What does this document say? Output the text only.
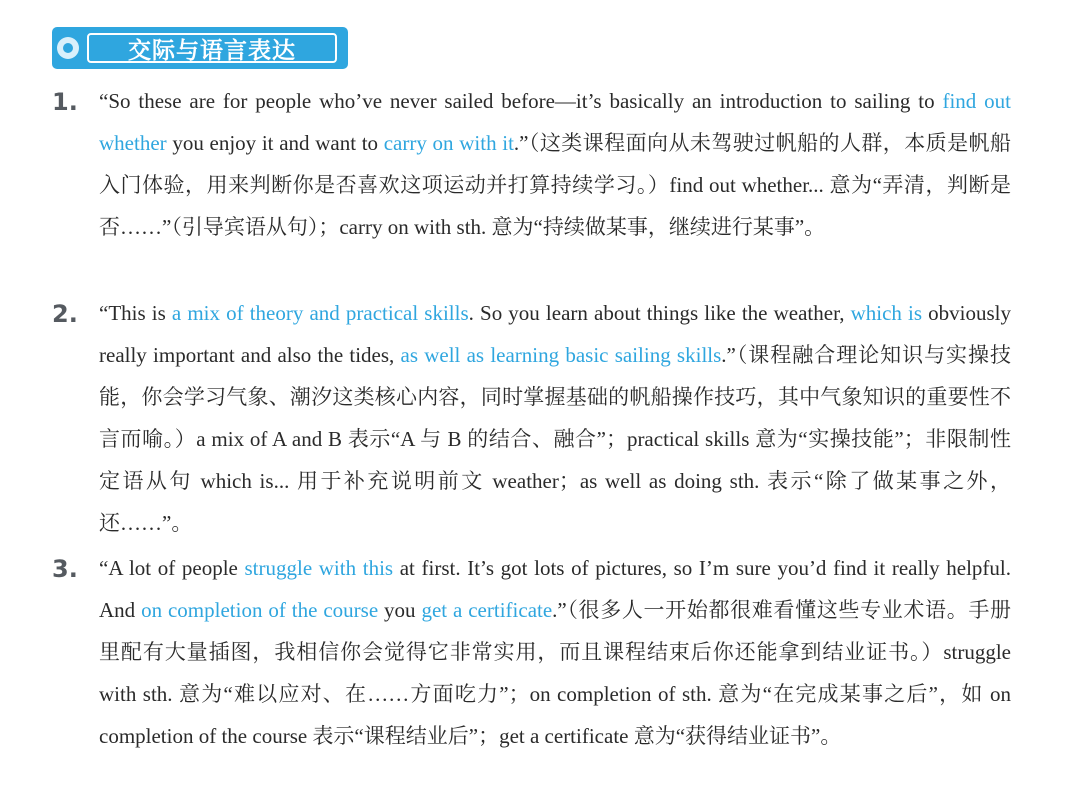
交际与语言表达
1. “So these are for people who’ve never sailed before—it’s basically an introduction to sailing to find out whether you enjoy it and want to carry on with it.”（这类课程面向从未驾驶过帆船的人群，本质是帆船入门体验，用来判断你是否喜欢这项运动并打算持续学习。）find out whether... 意为“弄清，判断是否……”（引导宾语从句）；carry on with sth. 意为“持续做某事，继续进行某事”。
2. “This is a mix of theory and practical skills. So you learn about things like the weather, which is obviously really important and also the tides, as well as learning basic sailing skills.”（课程融合理论知识与实操技能，你会学习气象、潮汐这类核心内容，同时掌握基础的帆船操作技巧，其中气象知识的重要性不言而喻。）a mix of A and B 表示“A 与 B 的结合、融合”；practical skills 意为“实操技能”；非限制性定语从句 which is... 用于补充说明前文 weather；as well as doing sth. 表示“除了做某事之外，还……”。
3. “A lot of people struggle with this at first. It’s got lots of pictures, so I’m sure you’d find it really helpful. And on completion of the course you get a certificate.”（很多人一开始都很难看懂这些专业术语。手册里配有大量插图，我相信你会觉得它非常实用，而且课程结束后你还能拿到结业证书。）struggle with sth. 意为“难以应对、在……方面吃力”；on completion of sth. 意为“在完成某事之后”，如 on completion of the course 表示“课程结业后”；get a certificate 意为“获得结业证书”。
